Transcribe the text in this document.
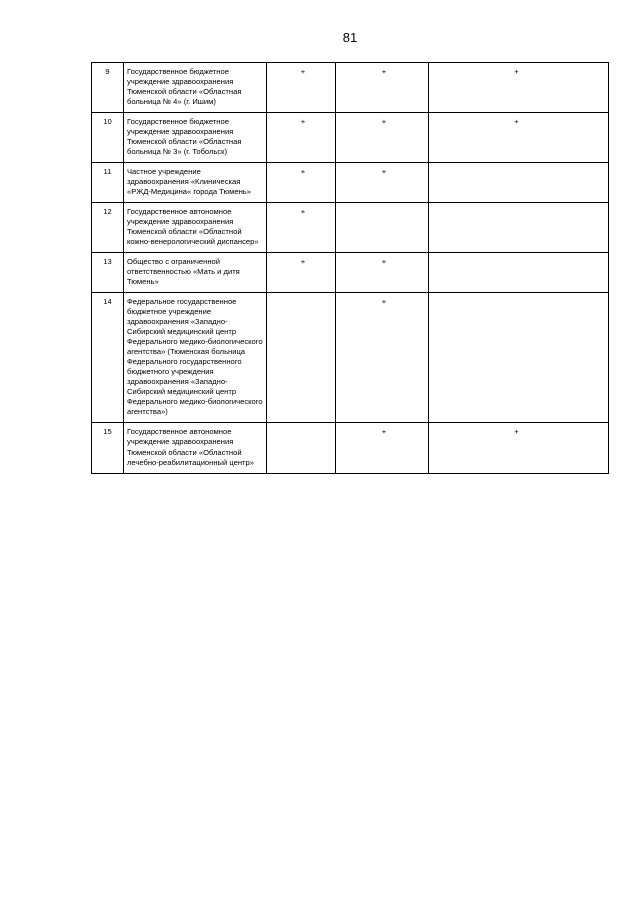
81
9	Государственное бюджетное учреждение здравоохранения Тюменской области «Областная больница № 4» (г. Ишим)	+	+	+
10	Государственное бюджетное учреждение здравоохранения Тюменской области «Областная больница № 3» (г. Тобольск)	+	+	+
11	Частное учреждение здравоохранения «Клиническая «РЖД-Медицина« города Тюмень»	+	+	
12	Государственное автономное учреждение здравоохранения Тюменской области «Областной кожно-венерологический диспансер»	+		
13	Общество с ограниченной ответственностью «Мать и дитя Тюмень»	+	+	
14	Федеральное государственное бюджетное учреждение здравоохранения «Западно-Сибирский медицинский центр Федерального медико-биологического агентства» (Тюменская больница Федерального государственного бюджетного учреждения здравоохранения «Западно-Сибирский медицинский центр Федерального медико-биологического агентства»)		+	
15	Государственное автономное учреждение здравоохранения Тюменской области «Областной лечебно-реабилитационный центр»		+	+
